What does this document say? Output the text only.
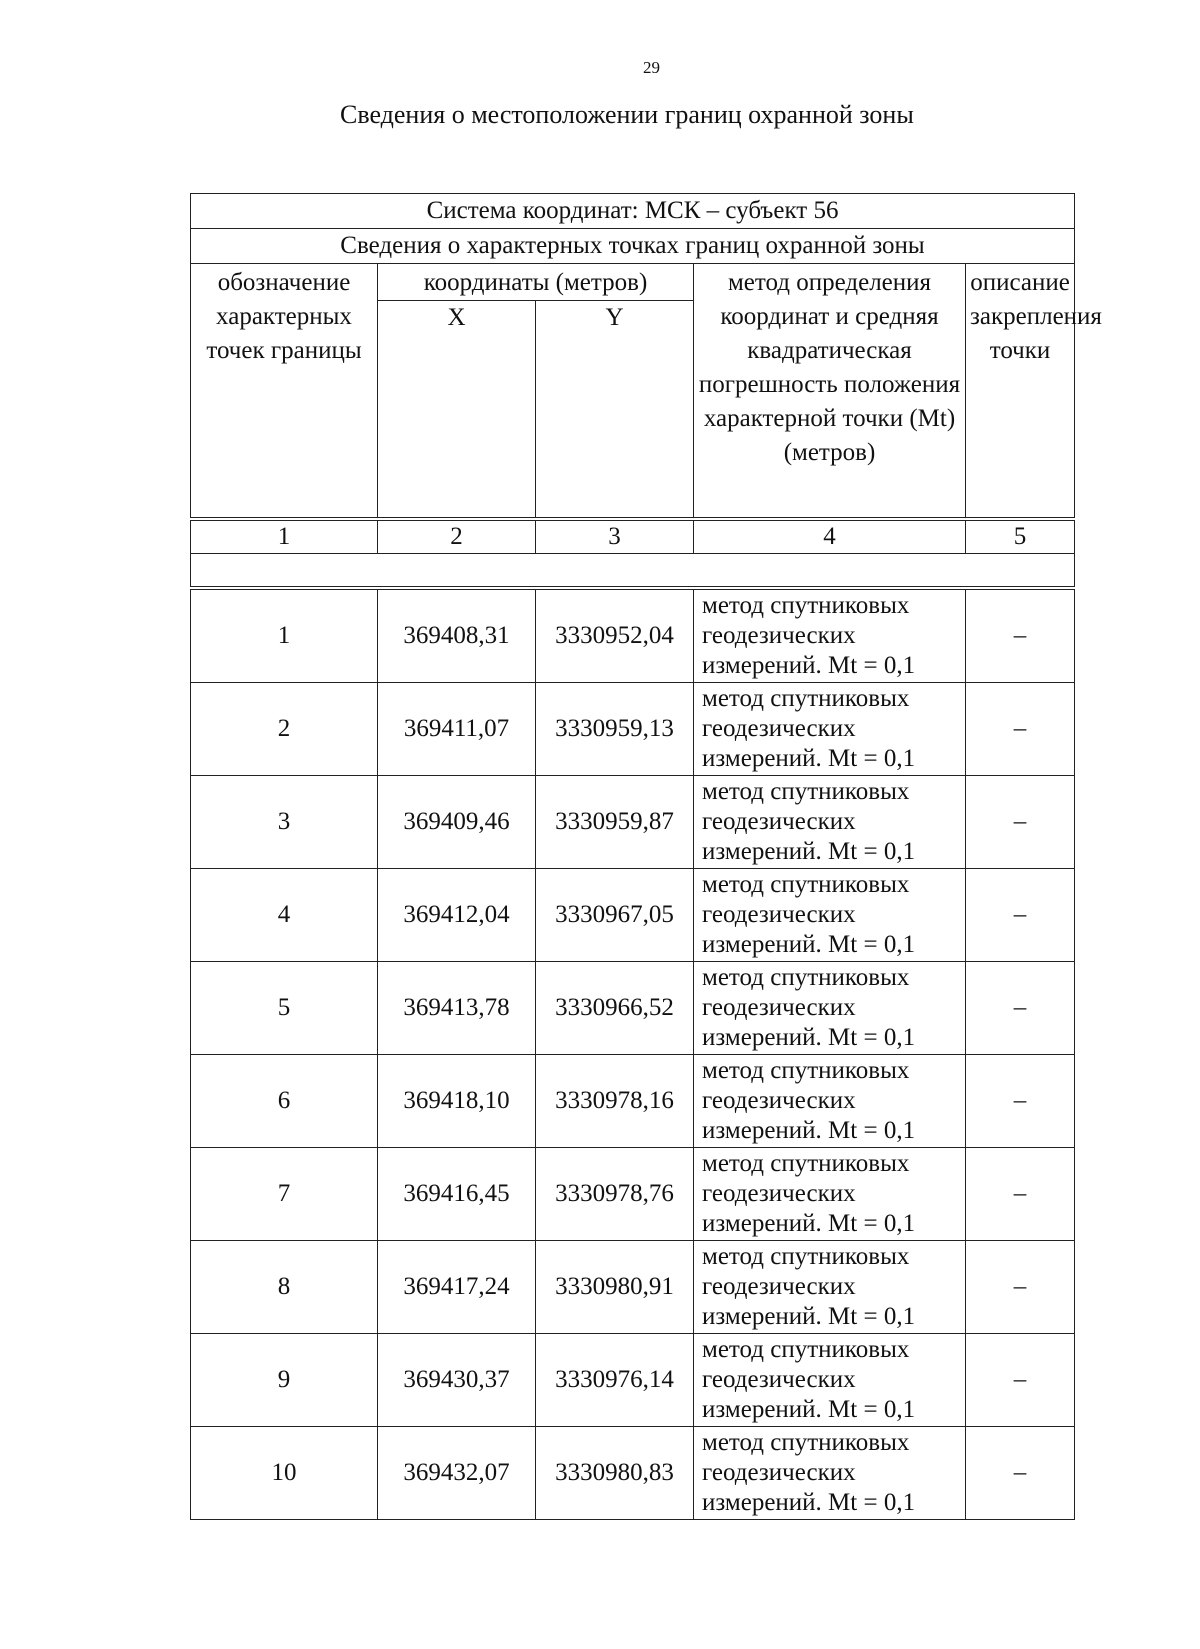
29
Сведения о местоположении границ охранной зоны
Система координат: МСК – субъект 56				
Сведения о характерных точках границ охранной зоны				
обозначение характерных точек границы	координаты (метров)		метод определения координат и средняя квадратическая погрешность положения характерной точки (Mt) (метров)	описание закрепления точки
	X	Y		
1	2	3	4	5

1	369408,31	3330952,04	метод спутниковых геодезических измерений. Mt = 0,1	–
2	369411,07	3330959,13	метод спутниковых геодезических измерений. Mt = 0,1	–
3	369409,46	3330959,87	метод спутниковых геодезических измерений. Mt = 0,1	–
4	369412,04	3330967,05	метод спутниковых геодезических измерений. Mt = 0,1	–
5	369413,78	3330966,52	метод спутниковых геодезических измерений. Mt = 0,1	–
6	369418,10	3330978,16	метод спутниковых геодезических измерений. Mt = 0,1	–
7	369416,45	3330978,76	метод спутниковых геодезических измерений. Mt = 0,1	–
8	369417,24	3330980,91	метод спутниковых геодезических измерений. Mt = 0,1	–
9	369430,37	3330976,14	метод спутниковых геодезических измерений. Mt = 0,1	–
10	369432,07	3330980,83	метод спутниковых геодезических измерений. Mt = 0,1	–
